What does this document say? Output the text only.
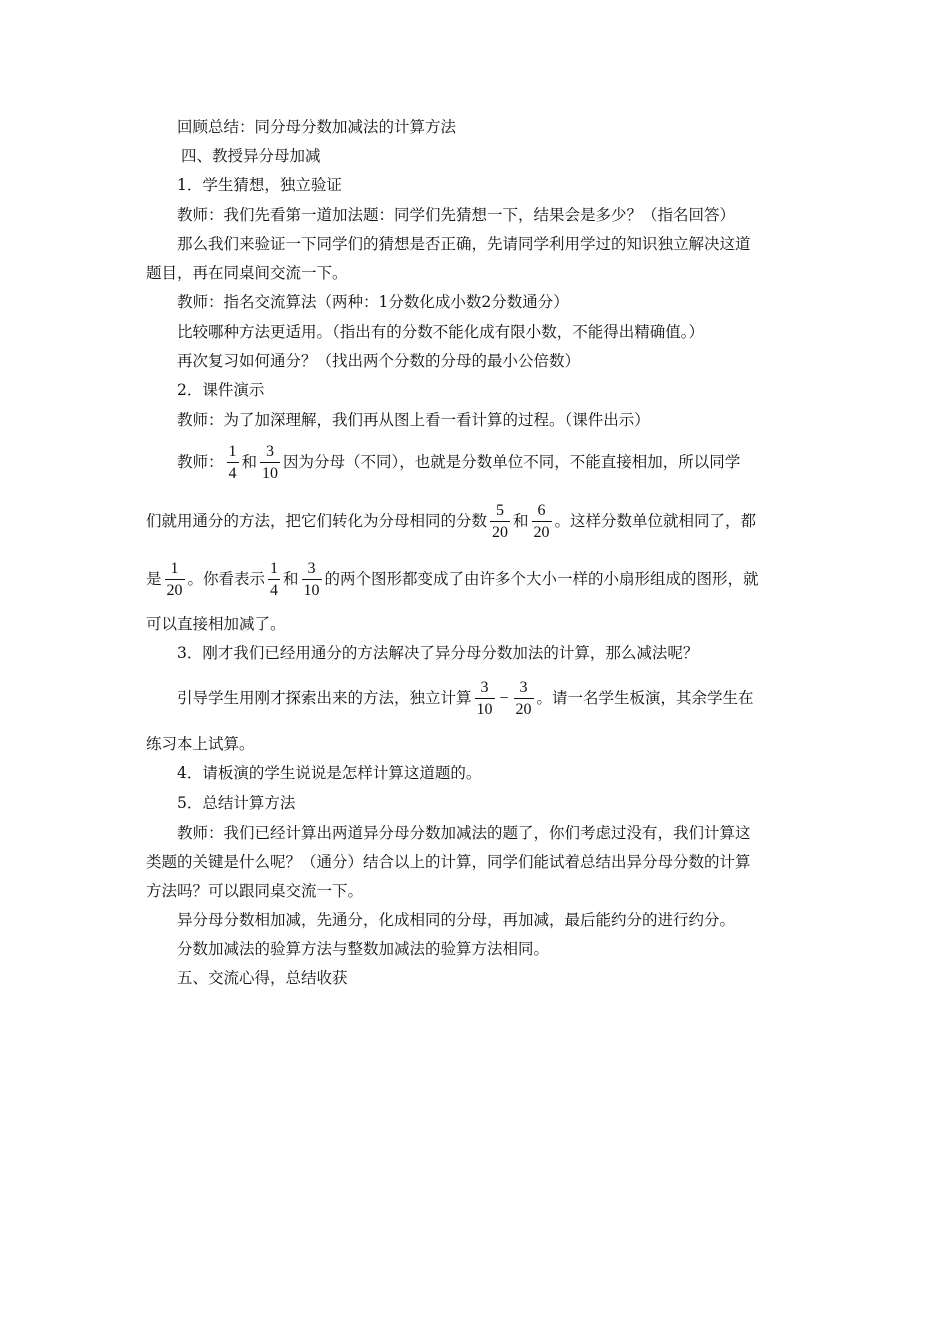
回顾总结：同分母分数加减法的计算方法
四、教授异分母加减
1．学生猜想，独立验证
教师：我们先看第一道加法题：同学们先猜想一下，结果会是多少？（指名回答）
那么我们来验证一下同学们的猜想是否正确，先请同学利用学过的知识独立解决这道
题目，再在同桌间交流一下。
教师：指名交流算法（两种：1分数化成小数2分数通分）
比较哪种方法更适用。（指出有的分数不能化成有限小数，不能得出精确值。）
再次复习如何通分？（找出两个分数的分母的最小公倍数）
2．课件演示
教师：为了加深理解，我们再从图上看一看计算的过程。（课件出示）
教师： $\frac{1}{4}$ 和 $\frac{3}{10}$ 因为分母（不同），也就是分数单位不同，不能直接相加，所以同学
们就用通分的方法，把它们转化为分母相同的分数 $\frac{5}{20}$ 和 $\frac{6}{20}$ 。这样分数单位就相同了，都
是 $\frac{1}{20}$ 。你看表示 $\frac{1}{4}$ 和 $\frac{3}{10}$ 的两个图形都变成了由许多个大小一样的小扇形组成的图形，就
可以直接相加减了。
3．刚才我们已经用通分的方法解决了异分母分数加法的计算，那么减法呢？
引导学生用刚才探索出来的方法，独立计算 $\frac{3}{10} - \frac{3}{20}$ 。请一名学生板演，其余学生在
练习本上试算。
4．请板演的学生说说是怎样计算这道题的。
5．总结计算方法
教师：我们已经计算出两道异分母分数加减法的题了，你们考虑过没有，我们计算这
类题的关键是什么呢？（通分）结合以上的计算，同学们能试着总结出异分母分数的计算
方法吗？可以跟同桌交流一下。
异分母分数相加减，先通分，化成相同的分母，再加减，最后能约分的进行约分。
分数加减法的验算方法与整数加减法的验算方法相同。
五、交流心得，总结收获
